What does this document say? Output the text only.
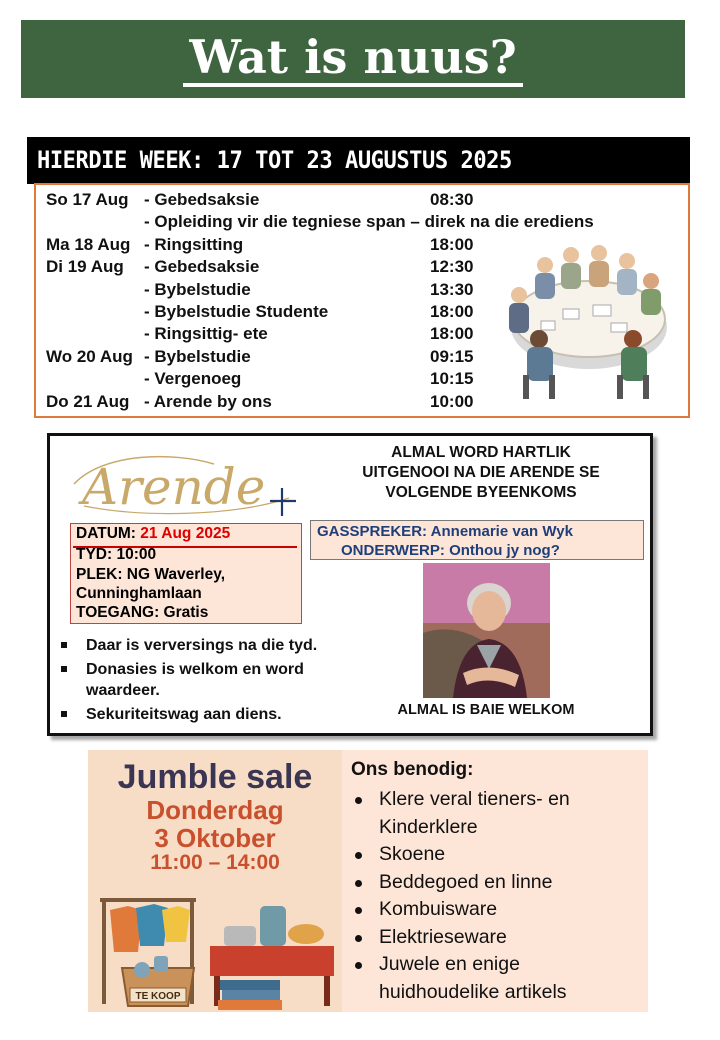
Wat is nuus?
HIERDIE WEEK: 17 TOT 23 AUGUSTUS 2025
So 17 Aug - Gebedsaksie	08:30
- Opleiding vir die tegniese span – direk na die erediens
Ma 18 Aug - Ringsitting	18:00
Di 19 Aug - Gebedsaksie	12:30
- Bybelstudie	13:30
- Bybelstudie Studente	18:00
- Ringsittig- ete	18:00
Wo 20 Aug - Bybelstudie	09:15
- Vergenoeg	10:15
Do 21 Aug - Arende by ons	10:00
Arende
ALMAL WORD HARTLIK
UITGENOOI NA DIE ARENDE SE
VOLGENDE BYEENKOMS
DATUM: 21 Aug 2025
TYD: 10:00
PLEK: NG Waverley,
Cunninghamlaan
TOEGANG: Gratis
GASSPREKER: Annemarie van Wyk
ONDERWERP: Onthou jy nog?
ALMAL IS BAIE WELKOM
Daar is verversings na die tyd.
Donasies is welkom en word waardeer.
Sekuriteitswag aan diens.
Jumble sale
Donderdag
3 Oktober
11:00 – 14:00
TE KOOP
Ons benodig:
Klere veral tieners- en Kinderklere
Skoene
Beddegoed en linne
Kombuisware
Elektrieseware
Juwele en enige huidhoudelike artikels
